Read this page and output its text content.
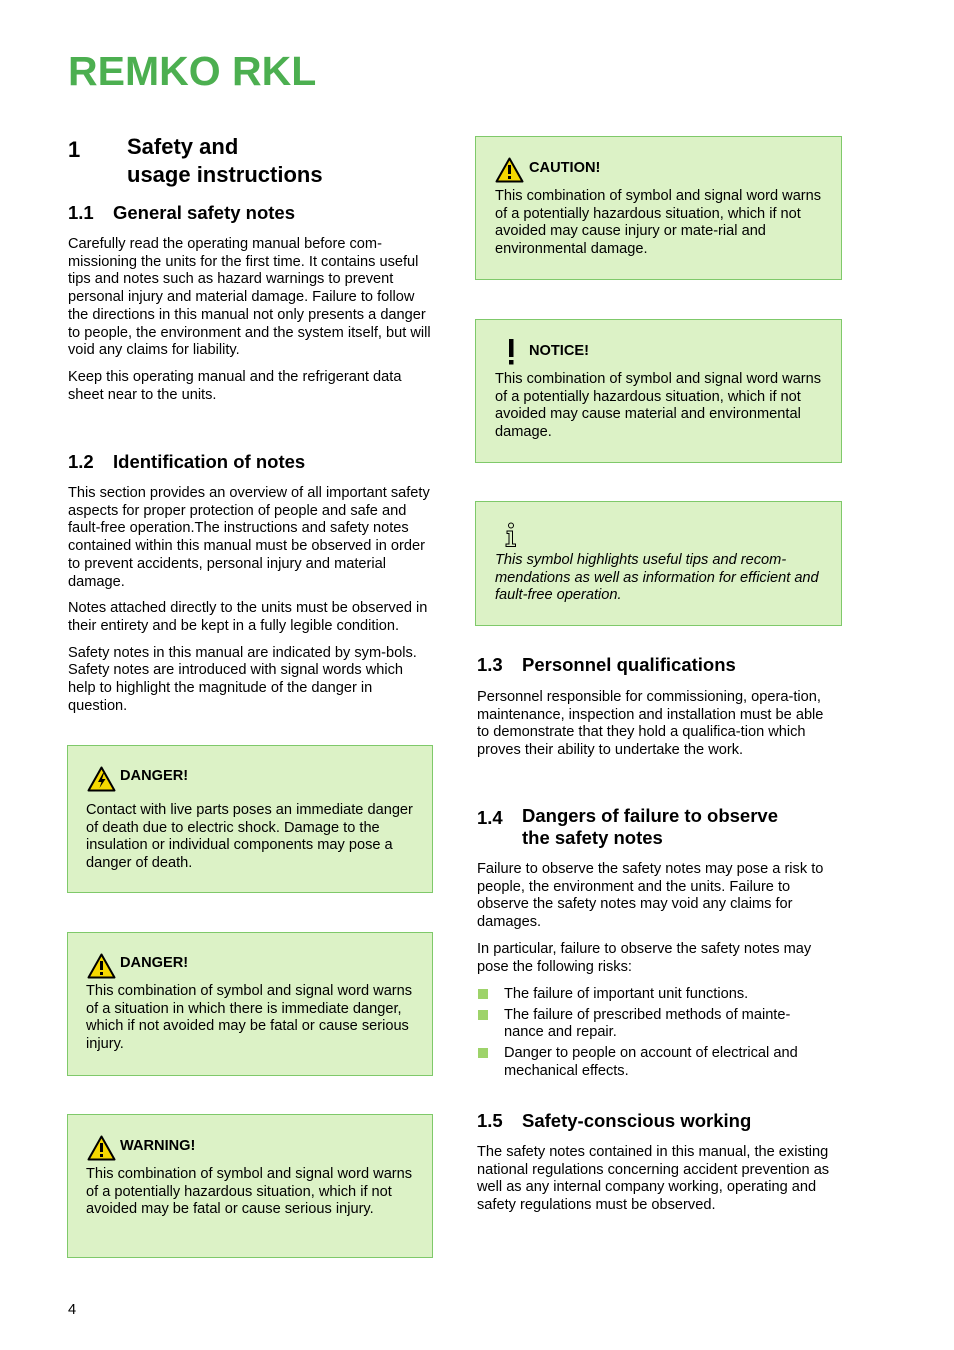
REMKO RKL
1 Safety and
usage instructions
1.1 General safety notes

Carefully read the operating manual before com-missioning the units for the first time. It contains useful tips and notes such as hazard warnings to prevent personal injury and material damage. Failure to follow the directions in this manual not only presents a danger to people, the environment and the system itself, but will void any claims for liability.

Keep this operating manual and the refrigerant data sheet near to the units.

1.2 Identification of notes

This section provides an overview of all important safety aspects for proper protection of people and safe and fault-free operation.The instructions and safety notes contained within this manual must be observed in order to prevent accidents, personal injury and material damage.

Notes attached directly to the units must be observed in their entirety and be kept in a fully legible condition.

Safety notes in this manual are indicated by sym-bols. Safety notes are introduced with signal words which help to highlight the magnitude of the danger in question.

DANGER!
Contact with live parts poses an immediate danger of death due to electric shock. Damage to the insulation or individual components may pose a danger of death.
DANGER!
This combination of symbol and signal word warns of a situation in which there is immediate danger, which if not avoided may be fatal or cause serious injury.
WARNING!
This combination of symbol and signal word warns of a potentially hazardous situation, which if not avoided may be fatal or cause serious injury.
CAUTION!
This combination of symbol and signal word warns of a potentially hazardous situation, which if not avoided may cause injury or mate-rial and environmental damage.
NOTICE!
This combination of symbol and signal word warns of a potentially hazardous situation, which if not avoided may cause material and environmental damage.
This symbol highlights useful tips and recom-mendations as well as information for efficient and fault-free operation.
1.3 Personnel qualifications

Personnel responsible for commissioning, opera-tion, maintenance, inspection and installation must be able to demonstrate that they hold a qualifica-tion which proves their ability to undertake the work.

1.4 Dangers of failure to observe
the safety notes

Failure to observe the safety notes may pose a risk to people, the environment and the units. Failure to observe the safety notes may void any claims for damages.

In particular, failure to observe the safety notes may pose the following risks:

The failure of important unit functions.
The failure of prescribed methods of mainte-nance and repair.
Danger to people on account of electrical and mechanical effects.
1.5 Safety-conscious working

The safety notes contained in this manual, the existing national regulations concerning accident prevention as well as any internal company working, operating and safety regulations must be observed.

4
